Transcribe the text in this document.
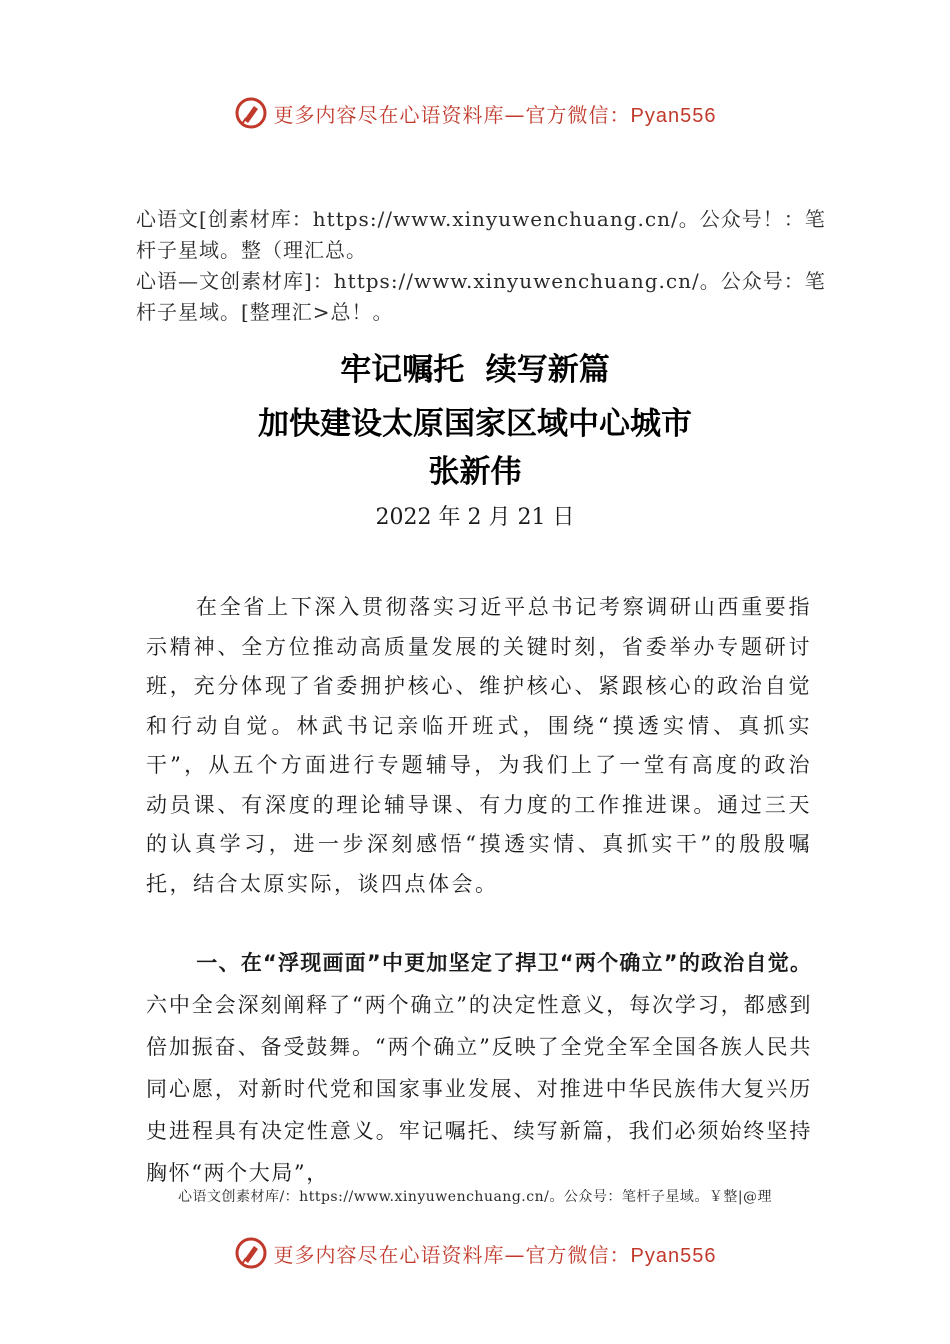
更多内容尽在心语资料库—官方微信：Pyan556
心语文[创素材库：https://www.xinyuwenchuang.cn/。公众号！：笔杆子星域。整（理汇总。
心语—文创素材库]：https://www.xinyuwenchuang.cn/。公众号：笔杆子星域。[整理汇>总！。
牢记嘱托  续写新篇
加快建设太原国家区域中心城市
张新伟
2022 年 2 月 21 日
在全省上下深入贯彻落实习近平总书记考察调研山西重要指示精神、全方位推动高质量发展的关键时刻，省委举办专题研讨班，充分体现了省委拥护核心、维护核心、紧跟核心的政治自觉和行动自觉。林武书记亲临开班式，围绕“摸透实情、真抓实干”，从五个方面进行专题辅导，为我们上了一堂有高度的政治动员课、有深度的理论辅导课、有力度的工作推进课。通过三天的认真学习，进一步深刻感悟“摸透实情、真抓实干”的殷殷嘱托，结合太原实际，谈四点体会。
一、在“浮现画面”中更加坚定了捍卫“两个确立”的政治自觉。六中全会深刻阐释了“两个确立”的决定性意义，每次学习，都感到倍加振奋、备受鼓舞。“两个确立”反映了全党全军全国各族人民共同心愿，对新时代党和国家事业发展、对推进中华民族伟大复兴历史进程具有决定性意义。牢记嘱托、续写新篇，我们必须始终坚持胸怀“两个大局”，
心语文创素材库/：https://www.xinyuwenchuang.cn/。公众号：笔杆子星域。￥整|@理
更多内容尽在心语资料库—官方微信：Pyan556
